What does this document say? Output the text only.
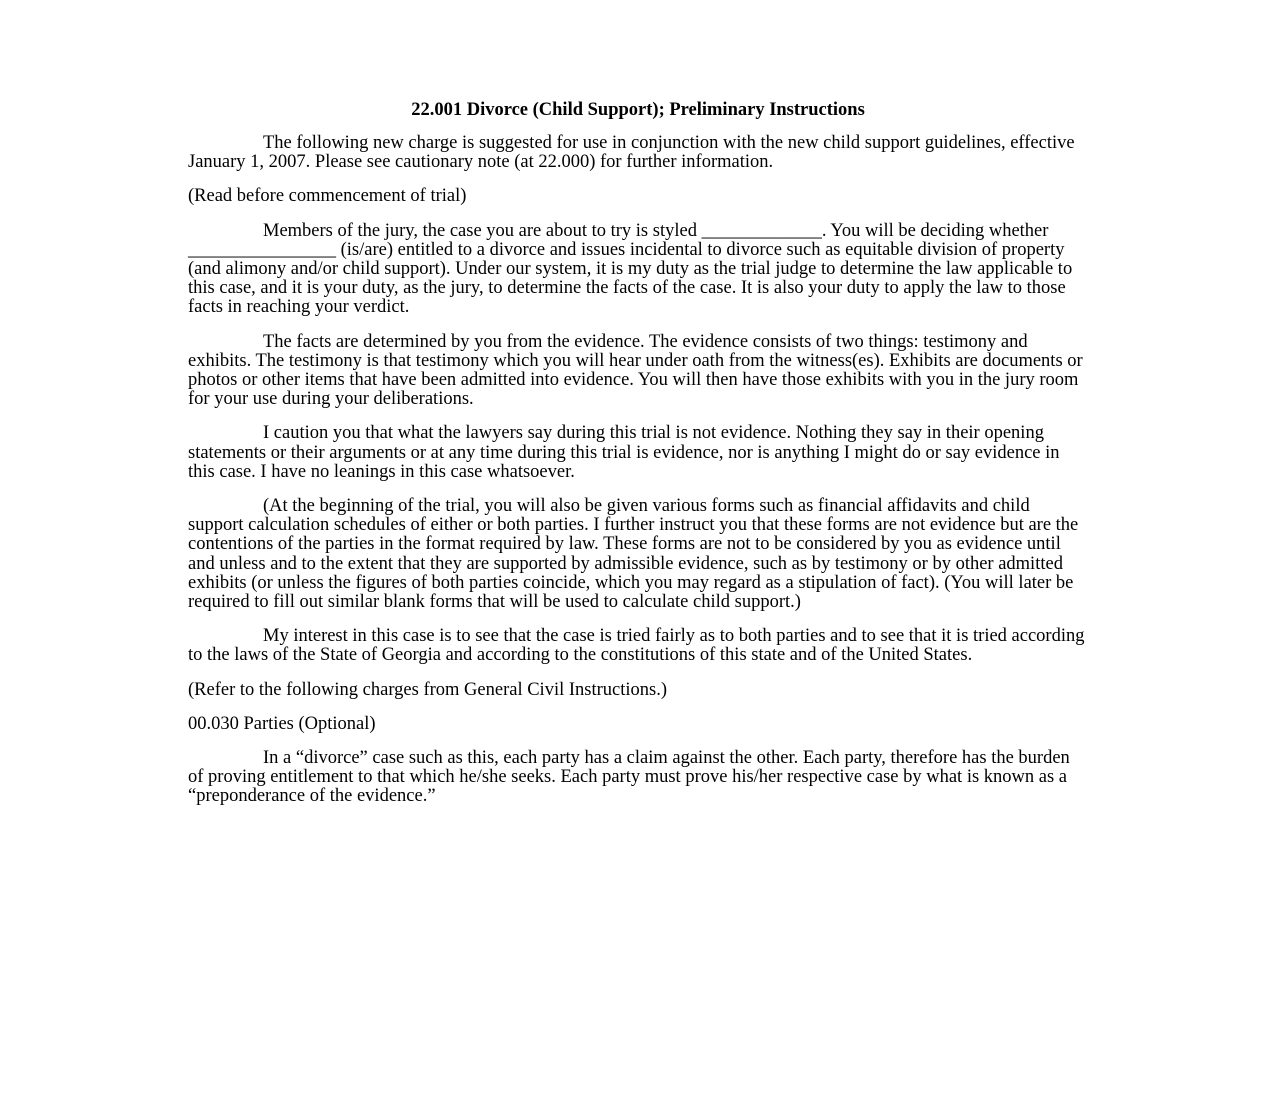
22.001 Divorce (Child Support); Preliminary Instructions

The following new charge is suggested for use in conjunction with the new child support guidelines, effective January 1, 2007. Please see cautionary note (at 22.000) for further information.

(Read before commencement of trial)

Members of the jury, the case you are about to try is styled _____________. You will be deciding whether ________________ (is/are) entitled to a divorce and issues incidental to divorce such as equitable division of property (and alimony and/or child support). Under our system, it is my duty as the trial judge to determine the law applicable to this case, and it is your duty, as the jury, to determine the facts of the case. It is also your duty to apply the law to those facts in reaching your verdict.

The facts are determined by you from the evidence. The evidence consists of two things: testimony and exhibits. The testimony is that testimony which you will hear under oath from the witness(es). Exhibits are documents or photos or other items that have been admitted into evidence. You will then have those exhibits with you in the jury room for your use during your deliberations.

I caution you that what the lawyers say during this trial is not evidence. Nothing they say in their opening statements or their arguments or at any time during this trial is evidence, nor is anything I might do or say evidence in this case. I have no leanings in this case whatsoever.

(At the beginning of the trial, you will also be given various forms such as financial affidavits and child support calculation schedules of either or both parties. I further instruct you that these forms are not evidence but are the contentions of the parties in the format required by law. These forms are not to be considered by you as evidence until and unless and to the extent that they are supported by admissible evidence, such as by testimony or by other admitted exhibits (or unless the figures of both parties coincide, which you may regard as a stipulation of fact). (You will later be required to fill out similar blank forms that will be used to calculate child support.)

My interest in this case is to see that the case is tried fairly as to both parties and to see that it is tried according to the laws of the State of Georgia and according to the constitutions of this state and of the United States.

(Refer to the following charges from General Civil Instructions.)

00.030 Parties (Optional)

In a “divorce” case such as this, each party has a claim against the other. Each party, therefore has the burden of proving entitlement to that which he/she seeks. Each party must prove his/her respective case by what is known as a “preponderance of the evidence.”
